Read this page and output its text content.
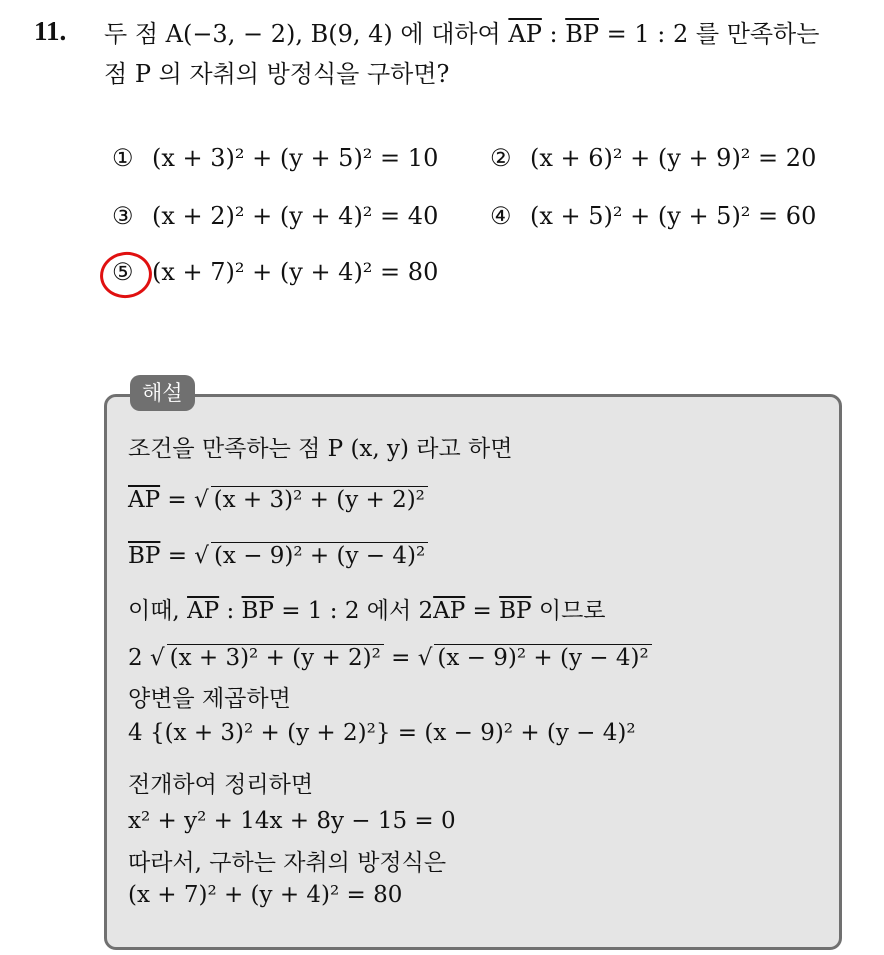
11. 두 점 A(−3, − 2), B(9, 4) 에 대하여 $\overline{AP}$ : $\overline{BP} = 1$ : 2 를 만족하는
점 P 의 자취의 방정식을 구하면?
① (x + 3)² + (y + 5)² = 10 ② (x + 6)² + (y + 9)² = 20
③ (x + 2)² + (y + 4)² = 40 ④ (x + 5)² + (y + 5)² = 60
⑤ (x + 7)² + (y + 4)² = 80
해설
조건을 만족하는 점 P (x, y) 라고 하면
$\overline{AP}$ = √ (x + 3)² + (y + 2)²
$\overline{BP}$ = √ (x − 9)² + (y − 4)²
이때, $\overline{AP}$ : $\overline{BP} = 1$ : 2 에서 $2\overline{AP} = \overline{BP}$ 이므로
2 √ (x + 3)² + (y + 2)² = √ (x − 9)² + (y − 4)²
양변을 제곱하면
4 {(x + 3)² + (y + 2)²} = (x − 9)² + (y − 4)²
전개하여 정리하면
x² + y² + 14x + 8y − 15 = 0
따라서, 구하는 자취의 방정식은
(x + 7)² + (y + 4)² = 80
